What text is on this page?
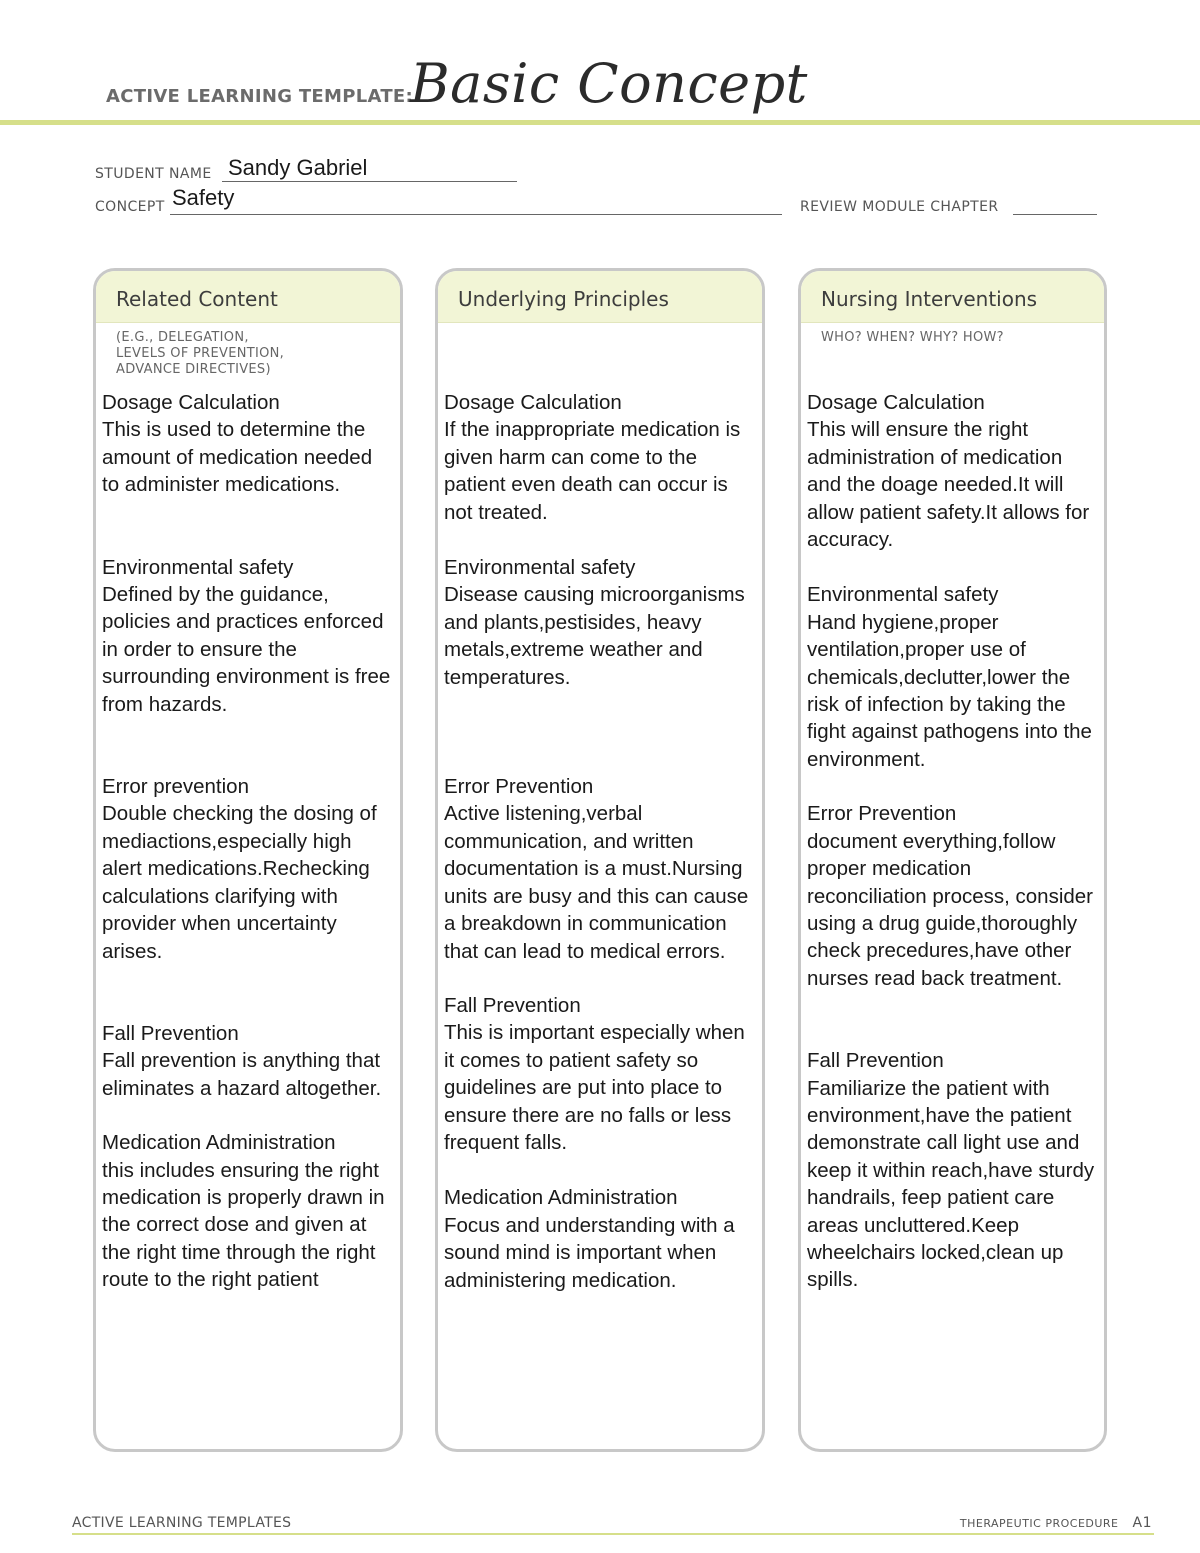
ACTIVE LEARNING TEMPLATE:
Basic Concept
STUDENT NAME Sandy Gabriel
CONCEPT Safety	REVIEW MODULE CHAPTER
Related Content
(E.G., DELEGATION,
LEVELS OF PREVENTION,
ADVANCE DIRECTIVES)
Dosage Calculation
This is used to determine the amount of medication needed to administer medications.
Environmental safety
Defined by the guidance, policies and practices enforced in order to ensure the surrounding environment is free from hazards.
Error prevention
Double checking the dosing of mediactions,especially high alert medications.Rechecking calculations clarifying with provider when uncertainty arises.
Fall Prevention
Fall prevention is anything that eliminates a hazard altogether.
Medication Administration
this includes ensuring the right medication is properly drawn in the correct dose and given at the right time through the right route to the right patient
Underlying Principles
Dosage Calculation
If the inappropriate medication is given harm can come to the patient even death can occur is not treated.
Environmental safety
Disease causing microorganisms and plants,pestisides, heavy metals,extreme weather and temperatures.
Error Prevention
Active listening,verbal communication, and written documentation is a must.Nursing units are busy and this can cause a breakdown in communication that can lead to medical errors.
Fall Prevention
This is important especially when it comes to patient safety so guidelines are put into place to ensure there are no falls or less frequent falls.
Medication Administration
Focus and understanding with a sound mind is important when administering medication.
Nursing Interventions
WHO? WHEN? WHY? HOW?
Dosage Calculation
This will ensure the right administration of medication and the doage needed.It will allow patient safety.It allows for accuracy.
Environmental safety
Hand hygiene,proper ventilation,proper use of chemicals,declutter,lower the risk of infection by taking the fight against pathogens into the environment.
Error Prevention
document everything,follow proper medication reconciliation process, consider using a drug guide,thoroughly check precedures,have other nurses read back treatment.
Fall Prevention
Familiarize the patient with environment,have the patient demonstrate call light use and keep it within reach,have sturdy handrails, feep patient care areas uncluttered.Keep wheelchairs locked,clean up spills.
ACTIVE LEARNING TEMPLATES	THERAPEUTIC PROCEDURE A1
